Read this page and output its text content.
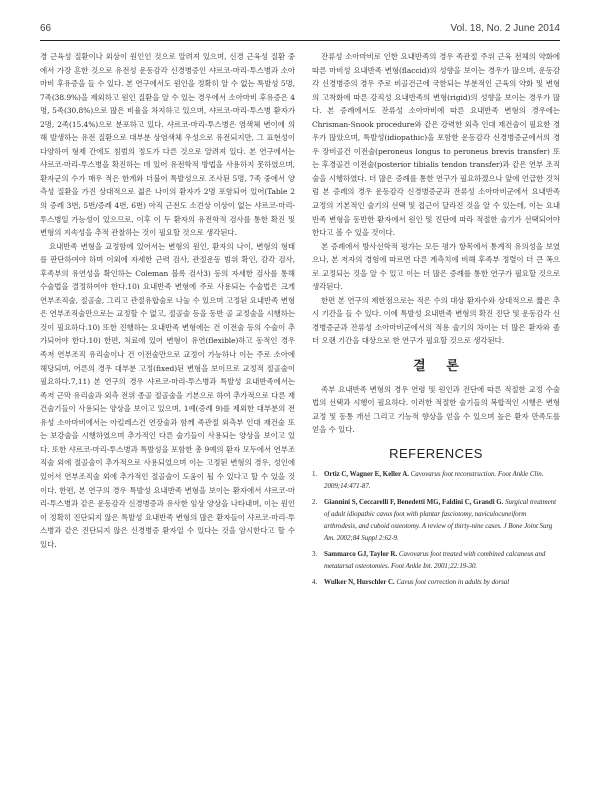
66	Vol. 18, No. 2 June 2014

경 근육성 질환이나 외상이 원인인 것으로 알려져 있으며, 신경 근육성 질환 중에서 가장 흔한 것으로 유전성 운동감각 신경병증인 샤르코-마리-투스병과 소아마비 후유증을 들 수 있다. 본 연구에서도 원인을 정확히 알 수 없는 특발성 5명, 7족(38.9%)을 제외하고 원인 질환을 알 수 있는 경우에서 소아마비 후유증은 4명, 5족(30.8%)으로 많은 비율을 차지하고 있으며, 샤르코-마리-투스병 환자가 2명, 2족(15.4%)으로 분포하고 있다. 샤르코-마리-투스병은 염색체 변이에 의해 발생하는 유전 질환으로 대부분 상염색체 우성으로 유전되지만, 그 표현성이 다양하여 형제 간에도 침범의 정도가 다른 것으로 알려져 있다. 본 연구에서는 샤르코-마리-투스병을 확진하는 데 있어 유전학적 방법을 사용하지 못하였으며, 환자군의 수가 매우 적은 한계와 더불어 특발성으로 조사된 5명, 7족 중에서 양측성 질환을 가진 상대적으로 젊은 나이의 환자가 2명 포함되어 있어(Table 2의 증례 3번, 5번/증례 4번, 6번) 아직 근전도 소견상 이상이 없는 샤르코-마리-투스병일 가능성이 있으므로, 이후 이 두 환자의 유전학적 검사를 통한 확진 및 변형의 지속성을 추적 관찰하는 것이 필요할 것으로 생각된다.

요내반족 변형을 교정함에 있어서는 변형의 원인, 환자의 나이, 변형의 형태를 판단하여야 하며 이외에 자세한 근력 검사, 관절운동 범위 확인, 감각 검사, 후족부의 유연성을 확인하는 Coleman 블록 검사3) 등의 자세한 검사를 통해 수술법을 결정하여야 한다.10) 요내반족 변형에 주로 사용되는 수술법은 크게 연부조직술, 절골술, 그리고 관절유합술로 나눌 수 있으며 고정된 요내반족 변형은 연부조직술만으로는 교정할 수 없고, 절골술 등을 동반 골 교정술을 시행하는 것이 필요하다.10) 또한 진행하는 요내반족 변형에는 건 이전술 등의 수술이 추가되어야 한다.10) 한편, 처료에 있어 변형이 유연(flexible)하고 동적인 경우 족저 연부조직 유리술이나 건 이전술만으로 교정이 가능하나 이는 주로 소아에 해당되며, 어른의 경우 대부분 고정(fixed)된 변형을 보이므로 교정적 절골술이 필요하다.7,11) 본 연구의 경우 샤르코-마리-투스병과 특발성 요내반족에서는 족저 근막 유리술과 외측 전위 종골 절골술을 기본으로 하여 추가적으로 다른 재건술기들이 사용되는 양상을 보이고 있으며, 1예(증례 9)를 제외한 대부분의 전유성 소아마비에서는 아킬레스건 연장술과 함께 족관절 외측부 인대 재건술 또는 보강술을 시행하였으며 추가적인 다른 술기들이 사용되는 양상을 보이고 있다. 또한 샤르코-마리-투스병과 특발성을 포함한 총 9예의 환자 모두에서 연부조직술 외에 절골술이 추가적으로 사용되었으며 이는 고정된 변형의 경우, 성인에 있어서 연부조직술 외에 추가적인 절골술이 도움이 될 수 있다고 할 수 있을 것이다. 한편, 본 연구의 경우 특발성 요내반족 변형을 보이는 환자에서 샤르코-마리-투스병과 같은 운동감각 신경병증과 유사한 임상 양상을 나타내며, 이는 원인이 정확히 진단되지 않은 특발성 요내반족 변형의 많은 환자들이 샤르코-마리-투스병과 같은 진단되지 않은 신경병증 환자일 수 있다는 것을 암시한다고 할 수 있다.

잔류성 소아마비로 인한 요내반족의 경우 족관절 주위 근육 전체의 약화에 따른 마비성 요내반족 변형(flaccid)의 성향을 보이는 경우가 많으며, 운동감각 신경병증의 경우 주로 비골건근에 국한되는 부분적인 근육의 약화 및 변형의 고착화에 따른 강직성 요내반족의 변형(rigid)의 성향을 보이는 경우가 많다. 본 증례에서도 잔류성 소아마비에 따른 요내반족 변형의 경우에는 Chrisman-Snook procedure와 같은 강력한 외측 인대 재건술이 필요한 경우가 많았으며, 특발성(idiopathic)을 포함한 운동감각 신경병증군에서의 경우 장비골건 이전술(peroneus longus to peroneus brevis transfer) 또는 후경골건 이전술(posterior tibialis tendon transfer)과 같은 연부 조직술을 시행하였다. 더 많은 증례를 통한 연구가 필요하겠으나 앞에 언급한 것처럼 본 증례의 경우 운동감각 신경병증군과 잔류성 소아마비군에서 요내반족 교정의 기본적인 술기의 선택 및 접근이 달라진 것을 알 수 있는데, 이는 요내반족 변형을 동반한 환자에서 원인 및 진단에 따라 적절한 술기가 선택되어야 한다고 볼 수 있을 것이다.

본 증례에서 방사선학적 평가는 모든 평가 항목에서 통계적 유의성을 보였으나, 본 저자의 경험에 따르면 다른 계측치에 비해 후족부 정렬이 더 큰 폭으로 교정되는 것을 알 수 있고 이는 더 많은 증례를 통한 연구가 필요할 것으로 생각된다.

한편 본 연구의 제한점으로는 적은 수의 대상 환자수와 상대적으로 짧은 추시 기간을 들 수 있다. 이에 특발성 요내반족 변형의 확진 진단 및 운동감각 신경병증군과 잔류성 소아마비군에서의 적용 술기의 차이는 더 많은 환자와 좀 더 오랜 기간을 대상으로 한 연구가 필요할 것으로 생각된다.

결 론

족부 요내반족 변형의 경우 연령 및 원인과 진단에 따른 적절한 교정 수술법의 선택과 시행이 필요하다. 이러한 적절한 술기들의 복합적인 시행은 변형 교정 및 동통 개선 그리고 기능적 향상을 얻을 수 있으며 높은 환자 만족도를 얻을 수 있다.

REFERENCES
1. Ortiz C, Wagner E, Keller A. Cavovarus foot reconstruction. Foot Ankle Clin. 2009;14:471-87.
2. Giannini S, Ceccarelli F, Benedetti MG, Faldini C, Grandi G. Surgical treatment of adult idiopathic cavus foot with plantar fasciotomy, naviculocuneiform arthrodesis, and cuboid osteotomy. A review of thirty-nine cases. J Bone Joint Surg Am. 2002;84 Suppl 2:62-9.
3. Sammarco GJ, Taylor R. Cavovarus foot treated with combined calcaneus and metatarsal osteotomies. Foot Ankle Int. 2001;22:19-30.
4. Wulker N, Hurschler C. Cavus foot correction in adults by dorsal
